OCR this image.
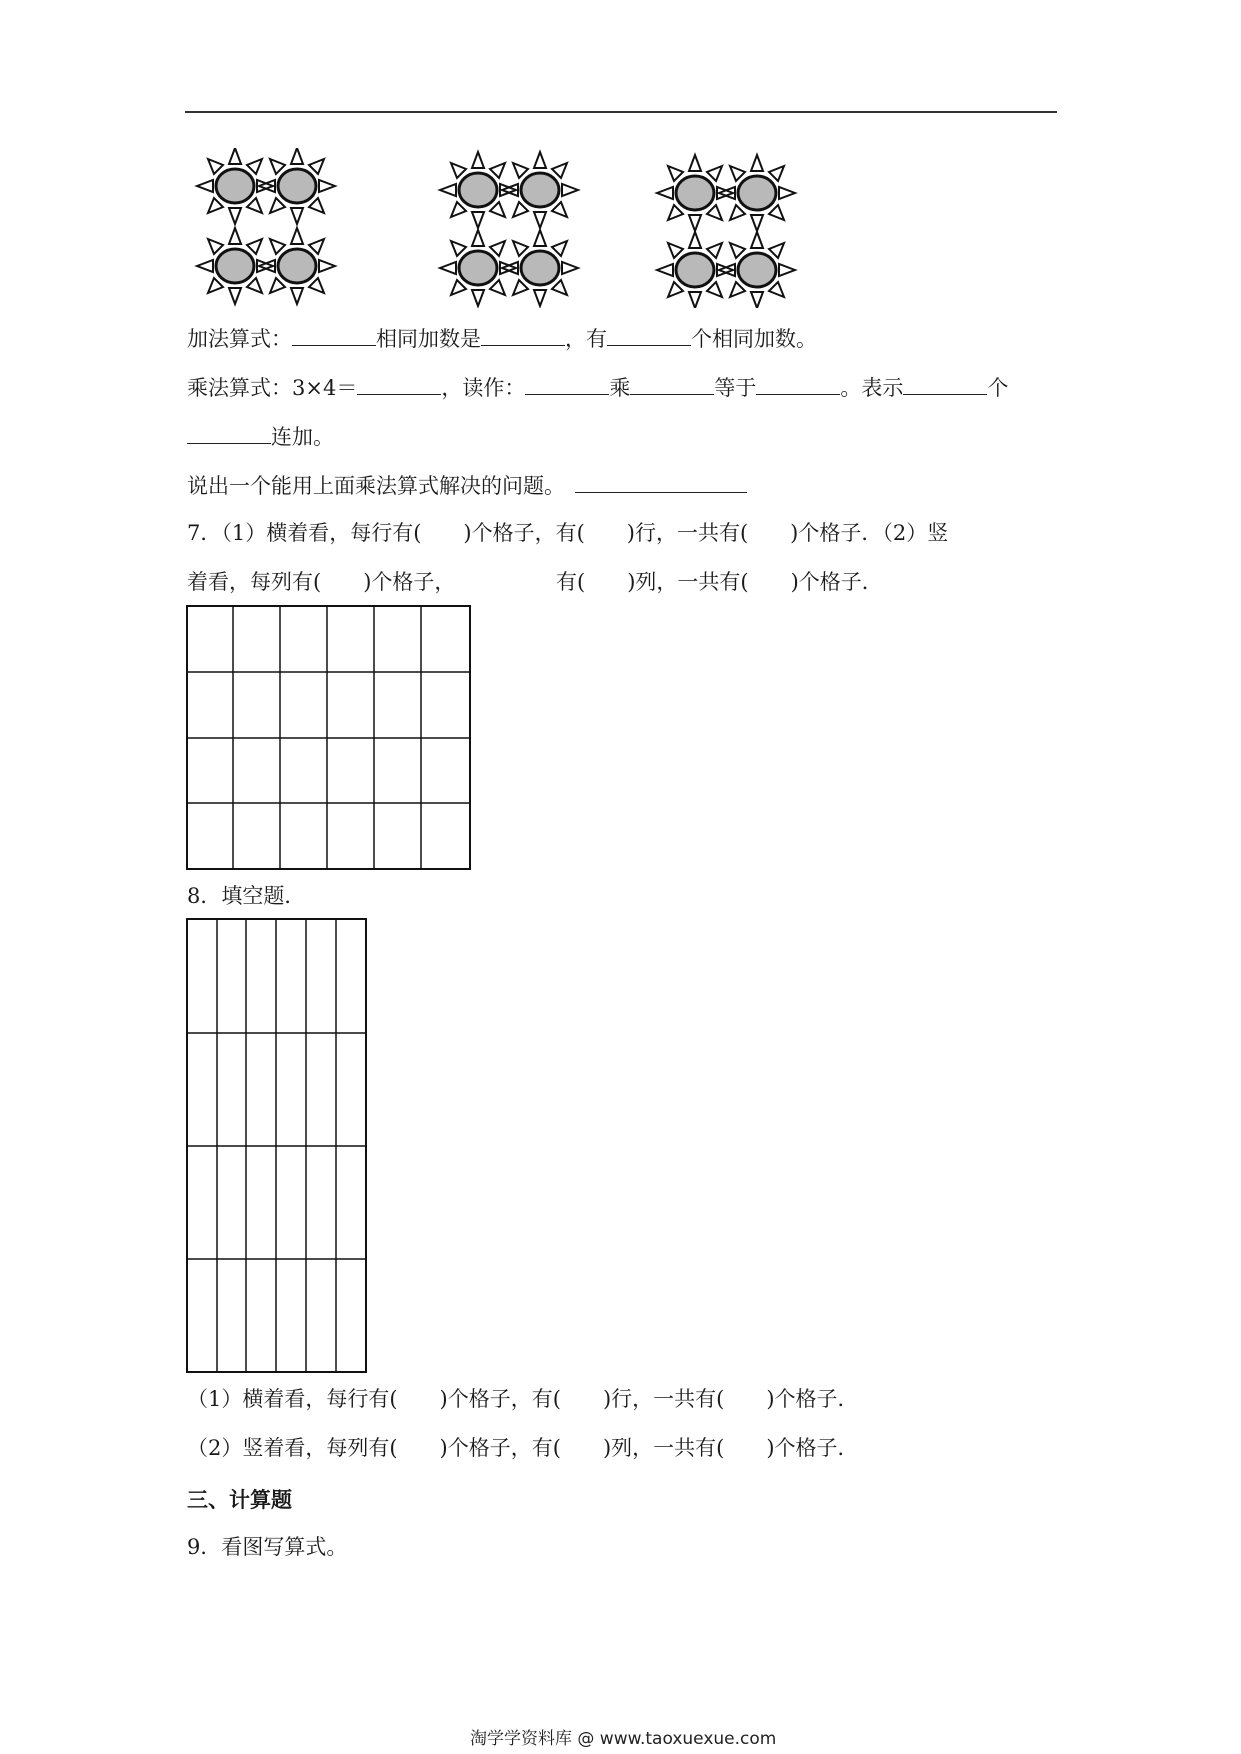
加法算式：	相同加数是	，有	个相同加数。
乘法算式：3×4＝	，读作：	乘	等于	。表示	个
连加。
说出一个能用上面乘法算式解决的问题。
7．（1）横着看，每行有(　　)个格子，有(　　)行，一共有(　　)个格子．（2）竖
着看，每列有(　　)个格子，	有(　　)列，一共有(　　)个格子．
8．填空题．
（1）横着看，每行有(　　)个格子，有(　　)行，一共有(　　)个格子．
（2）竖着看，每列有(　　)个格子，有(　　)列，一共有(　　)个格子．
三、计算题
9．看图写算式。
淘学学资料库 @ www.taoxuexue.com
